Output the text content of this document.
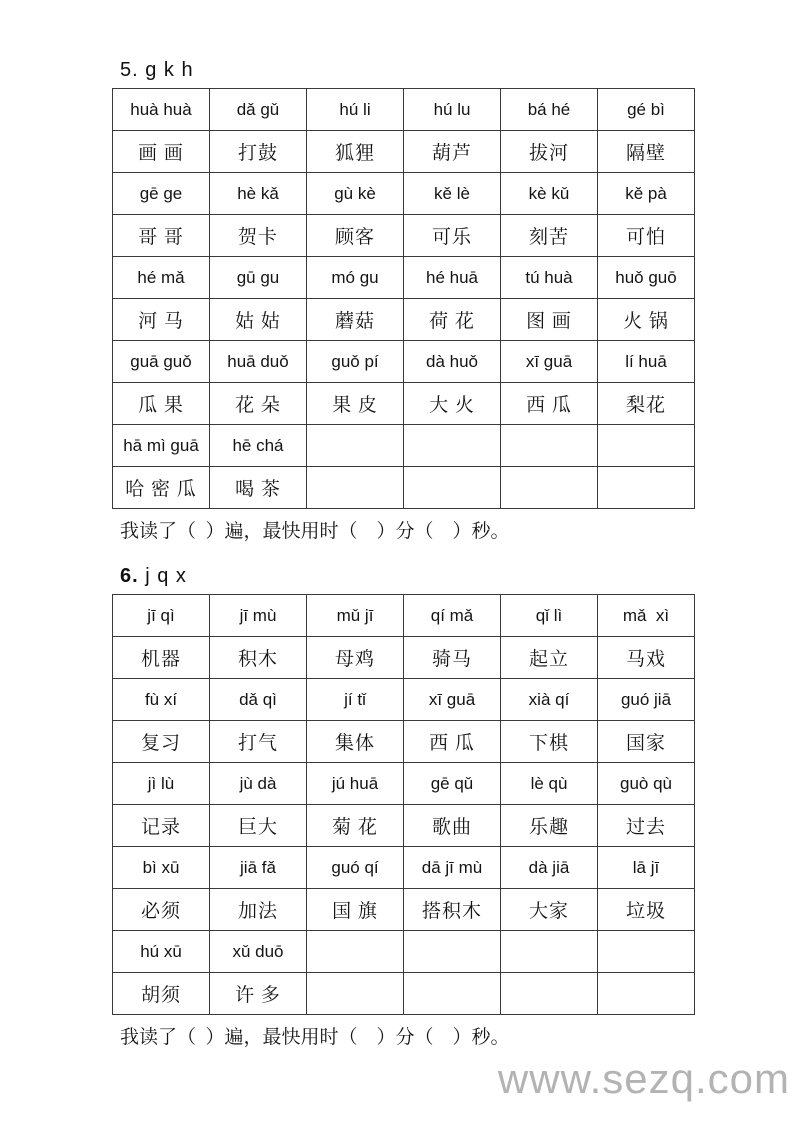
5. g k h
huà huà	dǎ gǔ	hú li	hú lu	bá hé	gé bì
画 画	打鼓	狐狸	葫芦	拔河	隔壁
gē ge	hè kǎ	gù kè	kě lè	kè kǔ	kě pà
哥 哥	贺卡	顾客	可乐	刻苦	可怕
hé mǎ	gū gu	mó gu	hé huā	tú huà	huǒ guō
河 马	姑 姑	蘑菇	荷 花	图 画	火 锅
guā guǒ	huā duǒ	guǒ pí	dà huǒ	xī guā	lí huā
瓜 果	花 朵	果 皮	大 火	西 瓜	梨花
hā mì guā	hē chá				
哈 密 瓜	喝 茶				
我读了（  ）遍，最快用时（    ）分（    ）秒。
6. j q x
jī qì	jī mù	mǔ jī	qí mǎ	qǐ lì	mǎ  xì
机器	积木	母鸡	骑马	起立	马戏
fù xí	dǎ qì	jí tǐ	xī guā	xià qí	guó jiā
复习	打气	集体	西 瓜	下棋	国家
jì lù	jù dà	jú huā	gē qǔ	lè qù	guò qù
记录	巨大	菊 花	歌曲	乐趣	过去
bì xū	jiā fǎ	guó qí	dā jī mù	dà jiā	lā jī
必须	加法	国 旗	搭积木	大家	垃圾
hú xū	xǔ duō				
胡须	许 多				
我读了（  ）遍，最快用时（    ）分（    ）秒。
www.sezq.com
